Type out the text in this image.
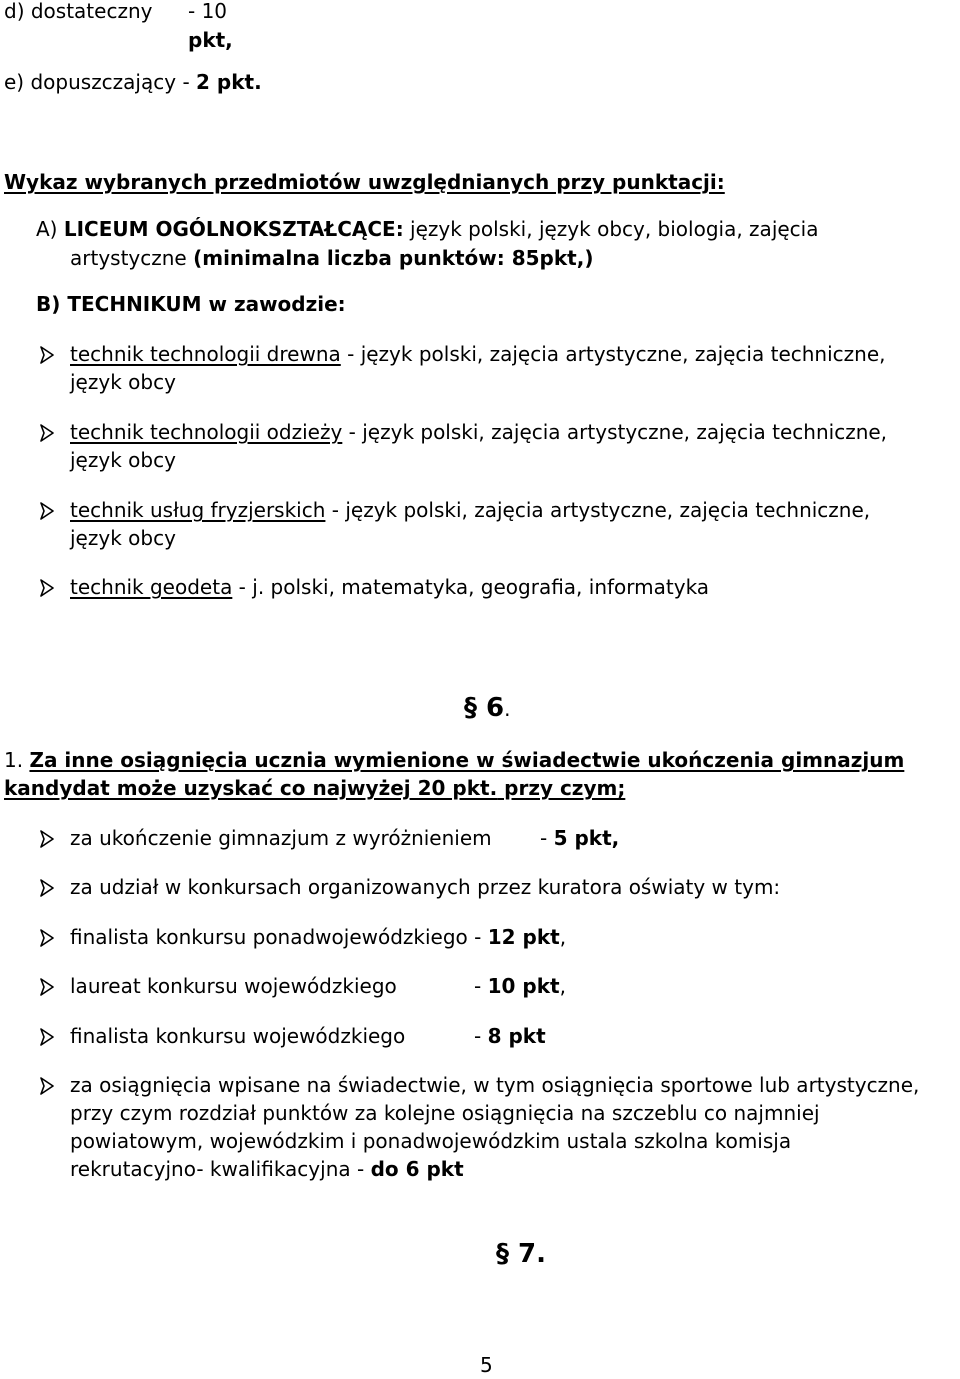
d) dostateczny - 10
pkt,
e) dopuszczający - 2 pkt.
Wykaz wybranych przedmiotów uwzględnianych przy punktacji:
A) LICEUM OGÓLNOKSZTAŁCĄCE: język polski, język obcy, biologia, zajęcia
artystyczne (minimalna liczba punktów: 85pkt,)
B) TECHNIKUM w zawodzie:
technik technologii drewna - język polski, zajęcia artystyczne, zajęcia techniczne,
język obcy
technik technologii odzieży - język polski, zajęcia artystyczne, zajęcia techniczne,
język obcy
technik usług fryzjerskich - język polski, zajęcia artystyczne, zajęcia techniczne,
język obcy
technik geodeta - j. polski, matematyka, geografia, informatyka
§ 6.
1. Za inne osiągnięcia ucznia wymienione w świadectwie ukończenia gimnazjum
kandydat może uzyskać co najwyżej 20 pkt. przy czym;
za ukończenie gimnazjum z wyróżnieniem - 5 pkt,
za udział w konkursach organizowanych przez kuratora oświaty w tym:
finalista konkursu ponadwojewódzkiego - 12 pkt,
laureat konkursu wojewódzkiego	- 10 pkt,
finalista konkursu wojewódzkiego	- 8 pkt
za osiągnięcia wpisane na świadectwie, w tym osiągnięcia sportowe lub artystyczne,
przy czym rozdział punktów za kolejne osiągnięcia na szczeblu co najmniej
powiatowym, wojewódzkim i ponadwojewódzkim ustala szkolna komisja
rekrutacyjno- kwalifikacyjna - do 6 pkt
§ 7.
5
